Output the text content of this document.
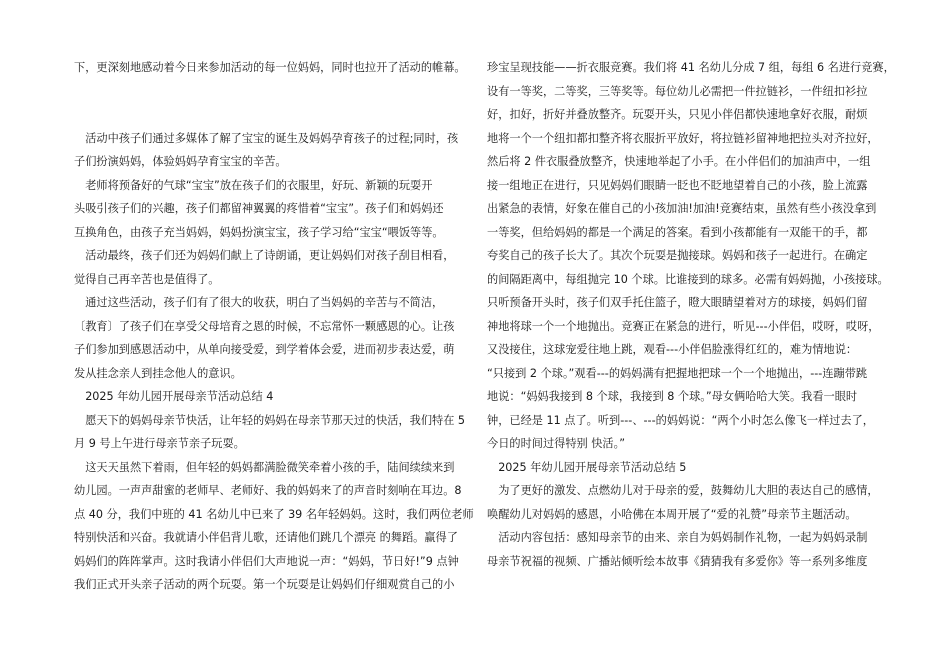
下，更深刻地感动着今日来参加活动的每一位妈妈，同时也拉开了活动的帷幕。
　活动中孩子们通过多媒体了解了宝宝的诞生及妈妈孕育孩子的过程;同时，孩
子们扮演妈妈，体验妈妈孕育宝宝的辛苦。
　老师将预备好的气球“宝宝”放在孩子们的衣服里，好玩、新颖的玩耍开
头吸引孩子们的兴趣，孩子们都留神翼翼的疼惜着“宝宝”。孩子们和妈妈还
互换角色，由孩子充当妈妈，妈妈扮演宝宝，孩子学习给“宝宝“喂饭等等。
　活动最终，孩子们还为妈妈们献上了诗朗诵，更让妈妈们对孩子刮目相看，
觉得自己再辛苦也是值得了。
　通过这些活动，孩子们有了很大的收获，明白了当妈妈的辛苦与不简洁，
〔教育〕了孩子们在享受父母培育之恩的时候，不忘常怀一颗感恩的心。让孩
子们参加到感恩活动中，从单向接受爱，到学着体会爱，进而初步表达爱，萌
发从挂念亲人到挂念他人的意识。
　2025 年幼儿园开展母亲节活动总结 4
　愿天下的妈妈母亲节快活，让年轻的妈妈在母亲节那天过的快活，我们特在 5
月 9 号上午进行母亲节亲子玩耍。
　这天天虽然下着雨，但年轻的妈妈都满脸微笑牵着小孩的手，陆间续续来到
幼儿园。一声声甜蜜的老师早、老师好、我的妈妈来了的声音时刻响在耳边。8
点 40 分，我们中班的 41 名幼儿中已来了 39 名年轻妈妈。这时，我们两位老师
特别快活和兴奋。我就请小伴侣背儿歌，还请他们跳几个漂亮 的舞蹈。赢得了
妈妈们的阵阵掌声。这时我请小伴侣们大声地说一声：“妈妈，节日好!”9 点钟
我们正式开头亲子活动的两个玩耍。第一个玩耍是让妈妈们仔细观赏自己的小
珍宝呈现技能——折衣服竞赛。我们将 41 名幼儿分成 7 组，每组 6 名进行竞赛，
设有一等奖，二等奖，三等奖等。每位幼儿必需把一件拉链衫，一件纽扣衫拉
好，扣好，折好并叠放整齐。玩耍开头，只见小伴侣都快速地拿好衣服，耐烦
地将一个一个纽扣都扣整齐将衣服折平放好，将拉链衫留神地把拉头对齐拉好，
然后将 2 件衣服叠放整齐，快速地举起了小手。在小伴侣们的加油声中，一组
接一组地正在进行，只见妈妈们眼睛一眨也不眨地望着自己的小孩，脸上流露
出紧急的表情，好象在催自己的小孩加油!加油!竞赛结束，虽然有些小孩没拿到
一等奖，但给妈妈的都是一个满足的答案。看到小孩都能有一双能干的手，都
夸奖自己的孩子长大了。其次个玩耍是抛接球。妈妈和孩子一起进行。在确定
的间隔距离中，每组抛完 10 个球。比谁接到的球多。必需有妈妈抛，小孩接球。
只听预备开头时，孩子们双手托住篮子，瞪大眼睛望着对方的球接，妈妈们留
神地将球一个一个地抛出。竞赛正在紧急的进行，听见---小伴侣，哎呀，哎呀，
又没接住，这球宠爱往地上跳，观看---小伴侣脸涨得红红的，难为情地说：
“只接到 2 个球。”观看---的妈妈满有把握地把球一个一个地抛出，---连蹦带跳
地说：“妈妈我接到 8 个球，我接到 8 个球。”母女俩哈哈大笑。我看一眼时
钟，已经是 11 点了。听到---、---的妈妈说：“两个小时怎么像飞一样过去了，
今日的时间过得特别 快活。”
　2025 年幼儿园开展母亲节活动总结 5
　为了更好的激发、点燃幼儿对于母亲的爱，鼓舞幼儿大胆的表达自己的感情，
唤醒幼儿对妈妈的感恩，小哈佛在本周开展了“爱的礼赞”母亲节主题活动。
　活动内容包括：感知母亲节的由来、亲自为妈妈制作礼物，一起为妈妈录制
母亲节祝福的视频、广播站倾听绘本故事《猜猜我有多爱你》等一系列多维度
